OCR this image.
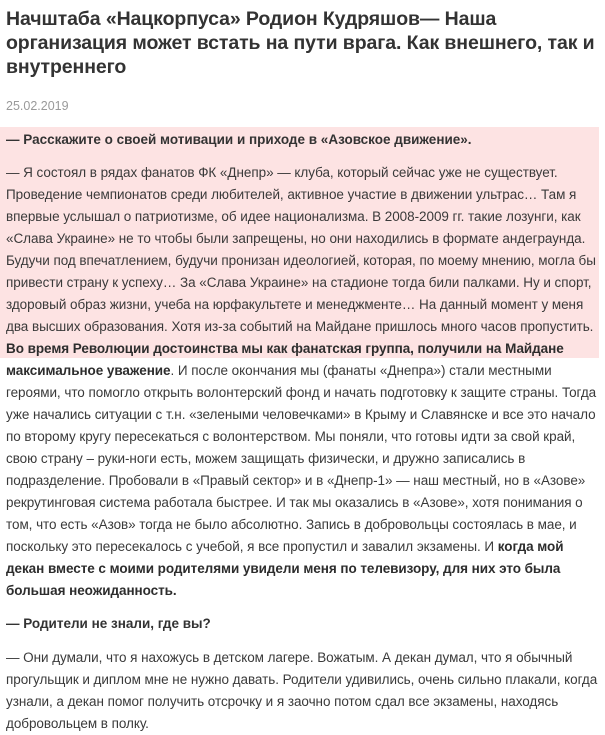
Начштаба «Нацкорпуса» Родион Кудряшов— Наша организация может встать на пути врага. Как внешнего, так и внутреннего
25.02.2019
— Расскажите о своей мотивации и приходе в «Азовское движение».
— Я состоял в рядах фанатов ФК «Днепр» — клуба, который сейчас уже не существует. Проведение чемпионатов среди любителей, активное участие в движении ультрас… Там я впервые услышал о патриотизме, об идее национализма. В 2008-2009 гг. такие лозунги, как «Слава Украине» не то чтобы были запрещены, но они находились в формате андеграунда. Будучи под впечатлением, будучи пронизан идеологией, которая, по моему мнению, могла бы привести страну к успеху… За «Слава Украине» на стадионе тогда били палками. Ну и спорт, здоровый образ жизни, учеба на юрфакультете и менеджменте… На данный момент у меня два высших образования. Хотя из-за событий на Майдане пришлось много часов пропустить. Во время Революции достоинства мы как фанатская группа, получили на Майдане максимальное уважение. И после окончания мы (фанаты «Днепра») стали местными героями, что помогло открыть волонтерский фонд и начать подготовку к защите страны. Тогда уже начались ситуации с т.н. «зелеными человечками» в Крыму и Славянске и все это начало по второму кругу пересекаться с волонтерством. Мы поняли, что готовы идти за свой край, свою страну – руки-ноги есть, можем защищать физически, и дружно записались в подразделение. Пробовали в «Правый сектор» и в «Днепр-1» — наш местный, но в «Азове» рекрутинговая система работала быстрее. И так мы оказались в «Азове», хотя понимания о том, что есть «Азов» тогда не было абсолютно. Запись в добровольцы состоялась в мае, и поскольку это пересекалось с учебой, я все пропустил и завалил экзамены. И когда мой декан вместе с моими родителями увидели меня по телевизору, для них это была большая неожиданность.
— Родители не знали, где вы?
— Они думали, что я нахожусь в детском лагере. Вожатым. А декан думал, что я обычный прогульщик и диплом мне не нужно давать. Родители удивились, очень сильно плакали, когда узнали, а декан помог получить отсрочку и я заочно потом сдал все экзамены, находясь добровольцем в полку.
